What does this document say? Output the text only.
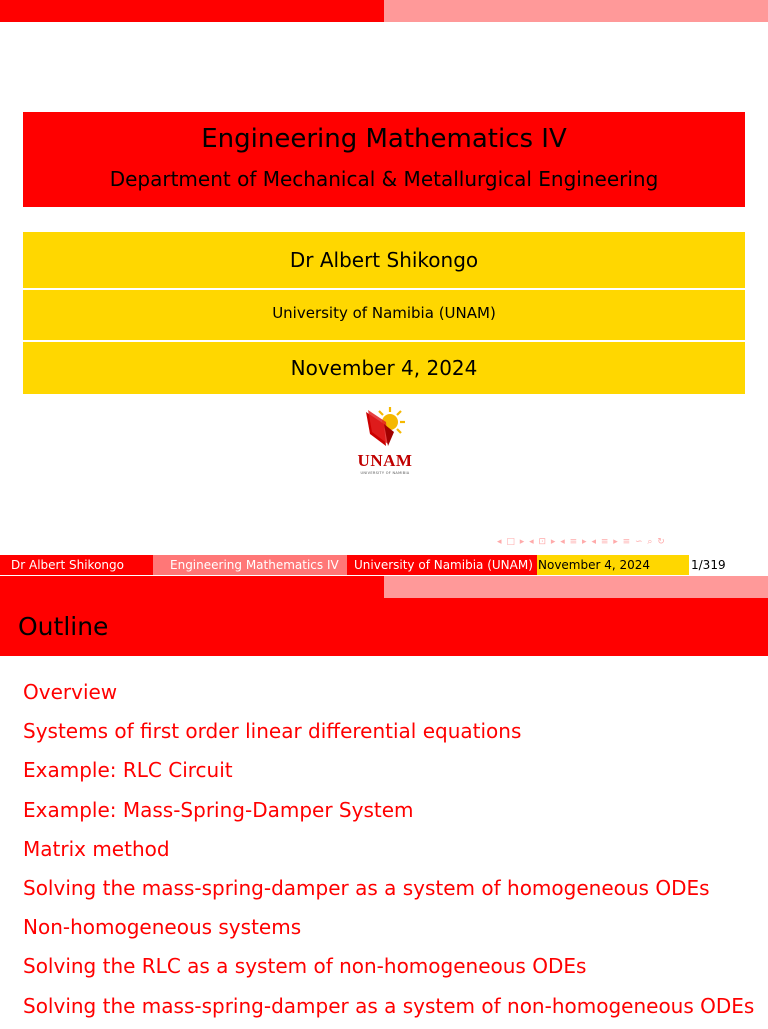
Engineering Mathematics IV
Department of Mechanical & Metallurgical Engineering
Dr Albert Shikongo
University of Namibia (UNAM)
November 4, 2024
UNAM
UNIVERSITY OF NAMIBIA
◂ □ ▸ ◂ ⊡ ▸ ◂ ≡ ▸ ◂ ≡ ▸ ≡ ∽ ⌕ ↻
Dr Albert Shikongo	Engineering Mathematics IV	University of Namibia (UNAM) November 4, 2024	1/319
Outline
Overview
Systems of first order linear differential equations
Example: RLC Circuit
Example: Mass-Spring-Damper System
Matrix method
Solving the mass-spring-damper as a system of homogeneous ODEs
Non-homogeneous systems
Solving the RLC as a system of non-homogeneous ODEs
Solving the mass-spring-damper as a system of non-homogeneous ODEs
